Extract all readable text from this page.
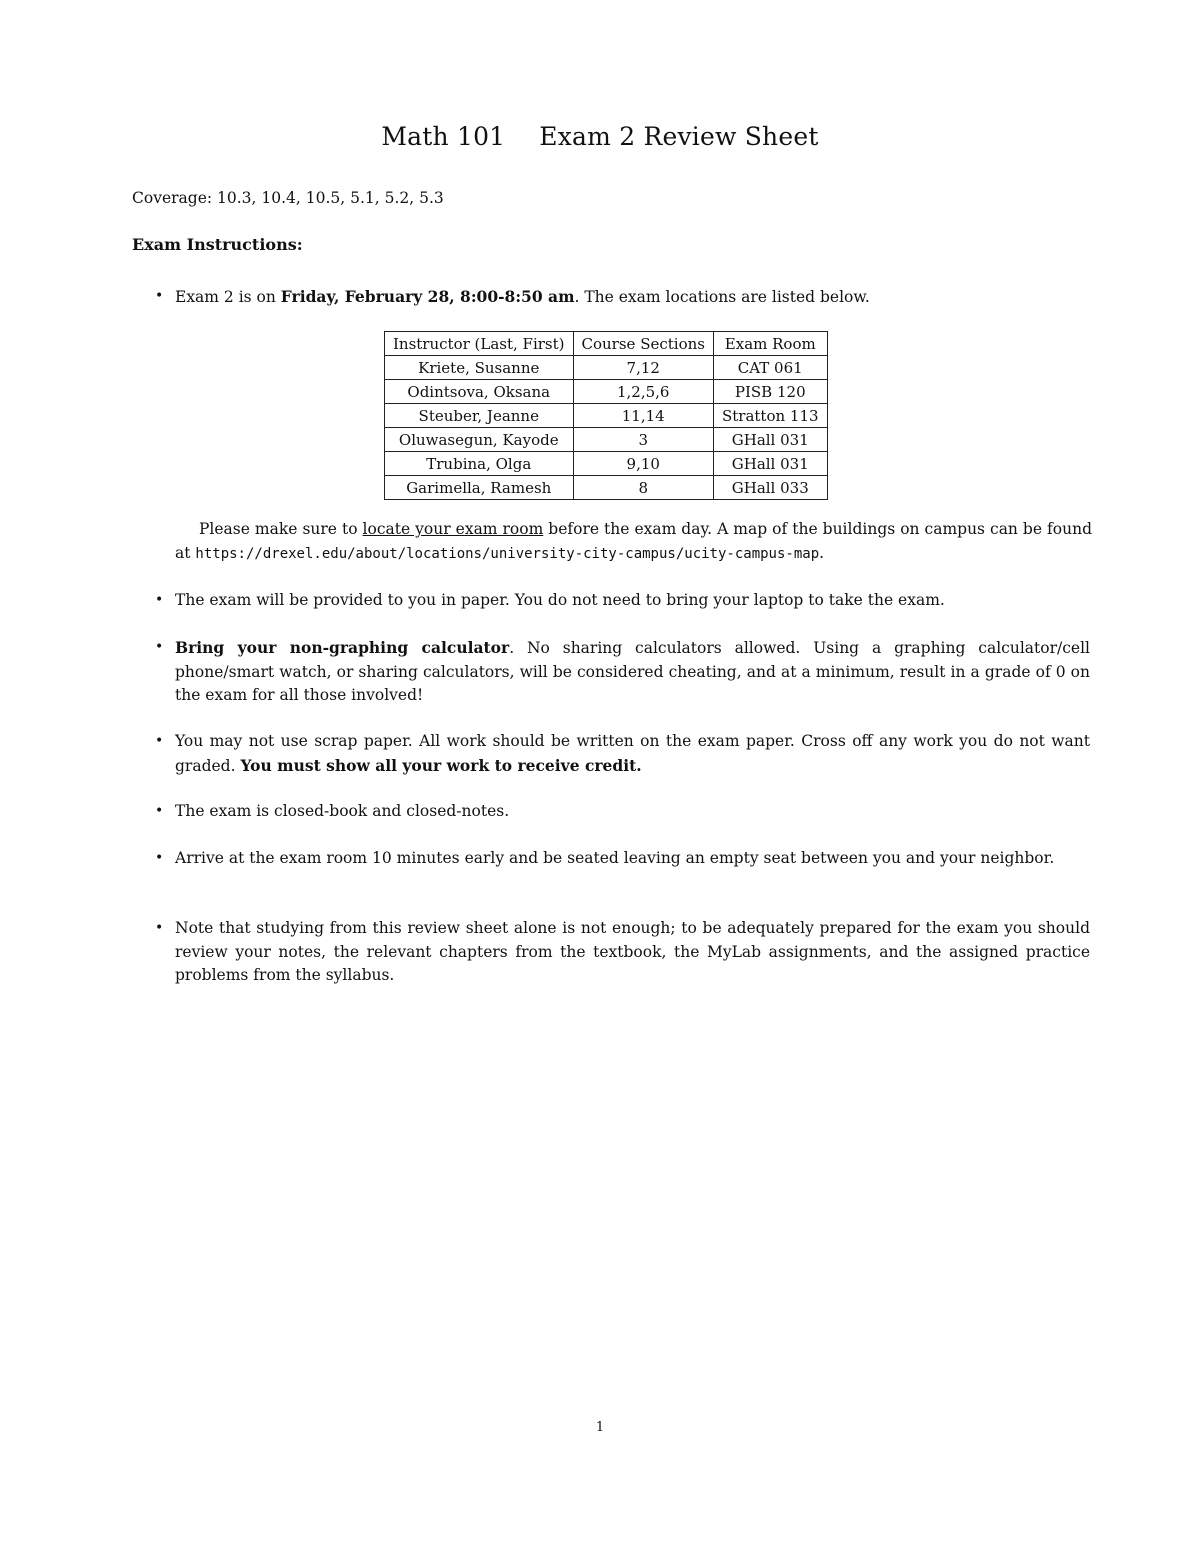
Math 101 Exam 2 Review Sheet
Coverage: 10.3, 10.4, 10.5, 5.1, 5.2, 5.3
Exam Instructions:
• Exam 2 is on Friday, February 28, 8:00-8:50 am. The exam locations are listed below.
Instructor (Last, First)	Course Sections	Exam Room
Kriete, Susanne	7,12	CAT 061
Odintsova, Oksana	1,2,5,6	PISB 120
Steuber, Jeanne	11,14	Stratton 113
Oluwasegun, Kayode	3	GHall 031
Trubina, Olga	9,10	GHall 031
Garimella, Ramesh	8	GHall 033
Please make sure to locate your exam room before the exam day. A map of the buildings on campus can be found at https://drexel.edu/about/locations/university-city-campus/ucity-campus-map.
• The exam will be provided to you in paper. You do not need to bring your laptop to take the exam.
• Bring your non-graphing calculator. No sharing calculators allowed. Using a graphing calculator/cell phone/smart watch, or sharing calculators, will be considered cheating, and at a minimum, result in a grade of 0 on the exam for all those involved!
• You may not use scrap paper. All work should be written on the exam paper. Cross off any work you do not want graded. You must show all your work to receive credit.
• The exam is closed-book and closed-notes.
• Arrive at the exam room 10 minutes early and be seated leaving an empty seat between you and your neighbor.
• Note that studying from this review sheet alone is not enough; to be adequately prepared for the exam you should review your notes, the relevant chapters from the textbook, the MyLab assignments, and the assigned practice problems from the syllabus.
1
